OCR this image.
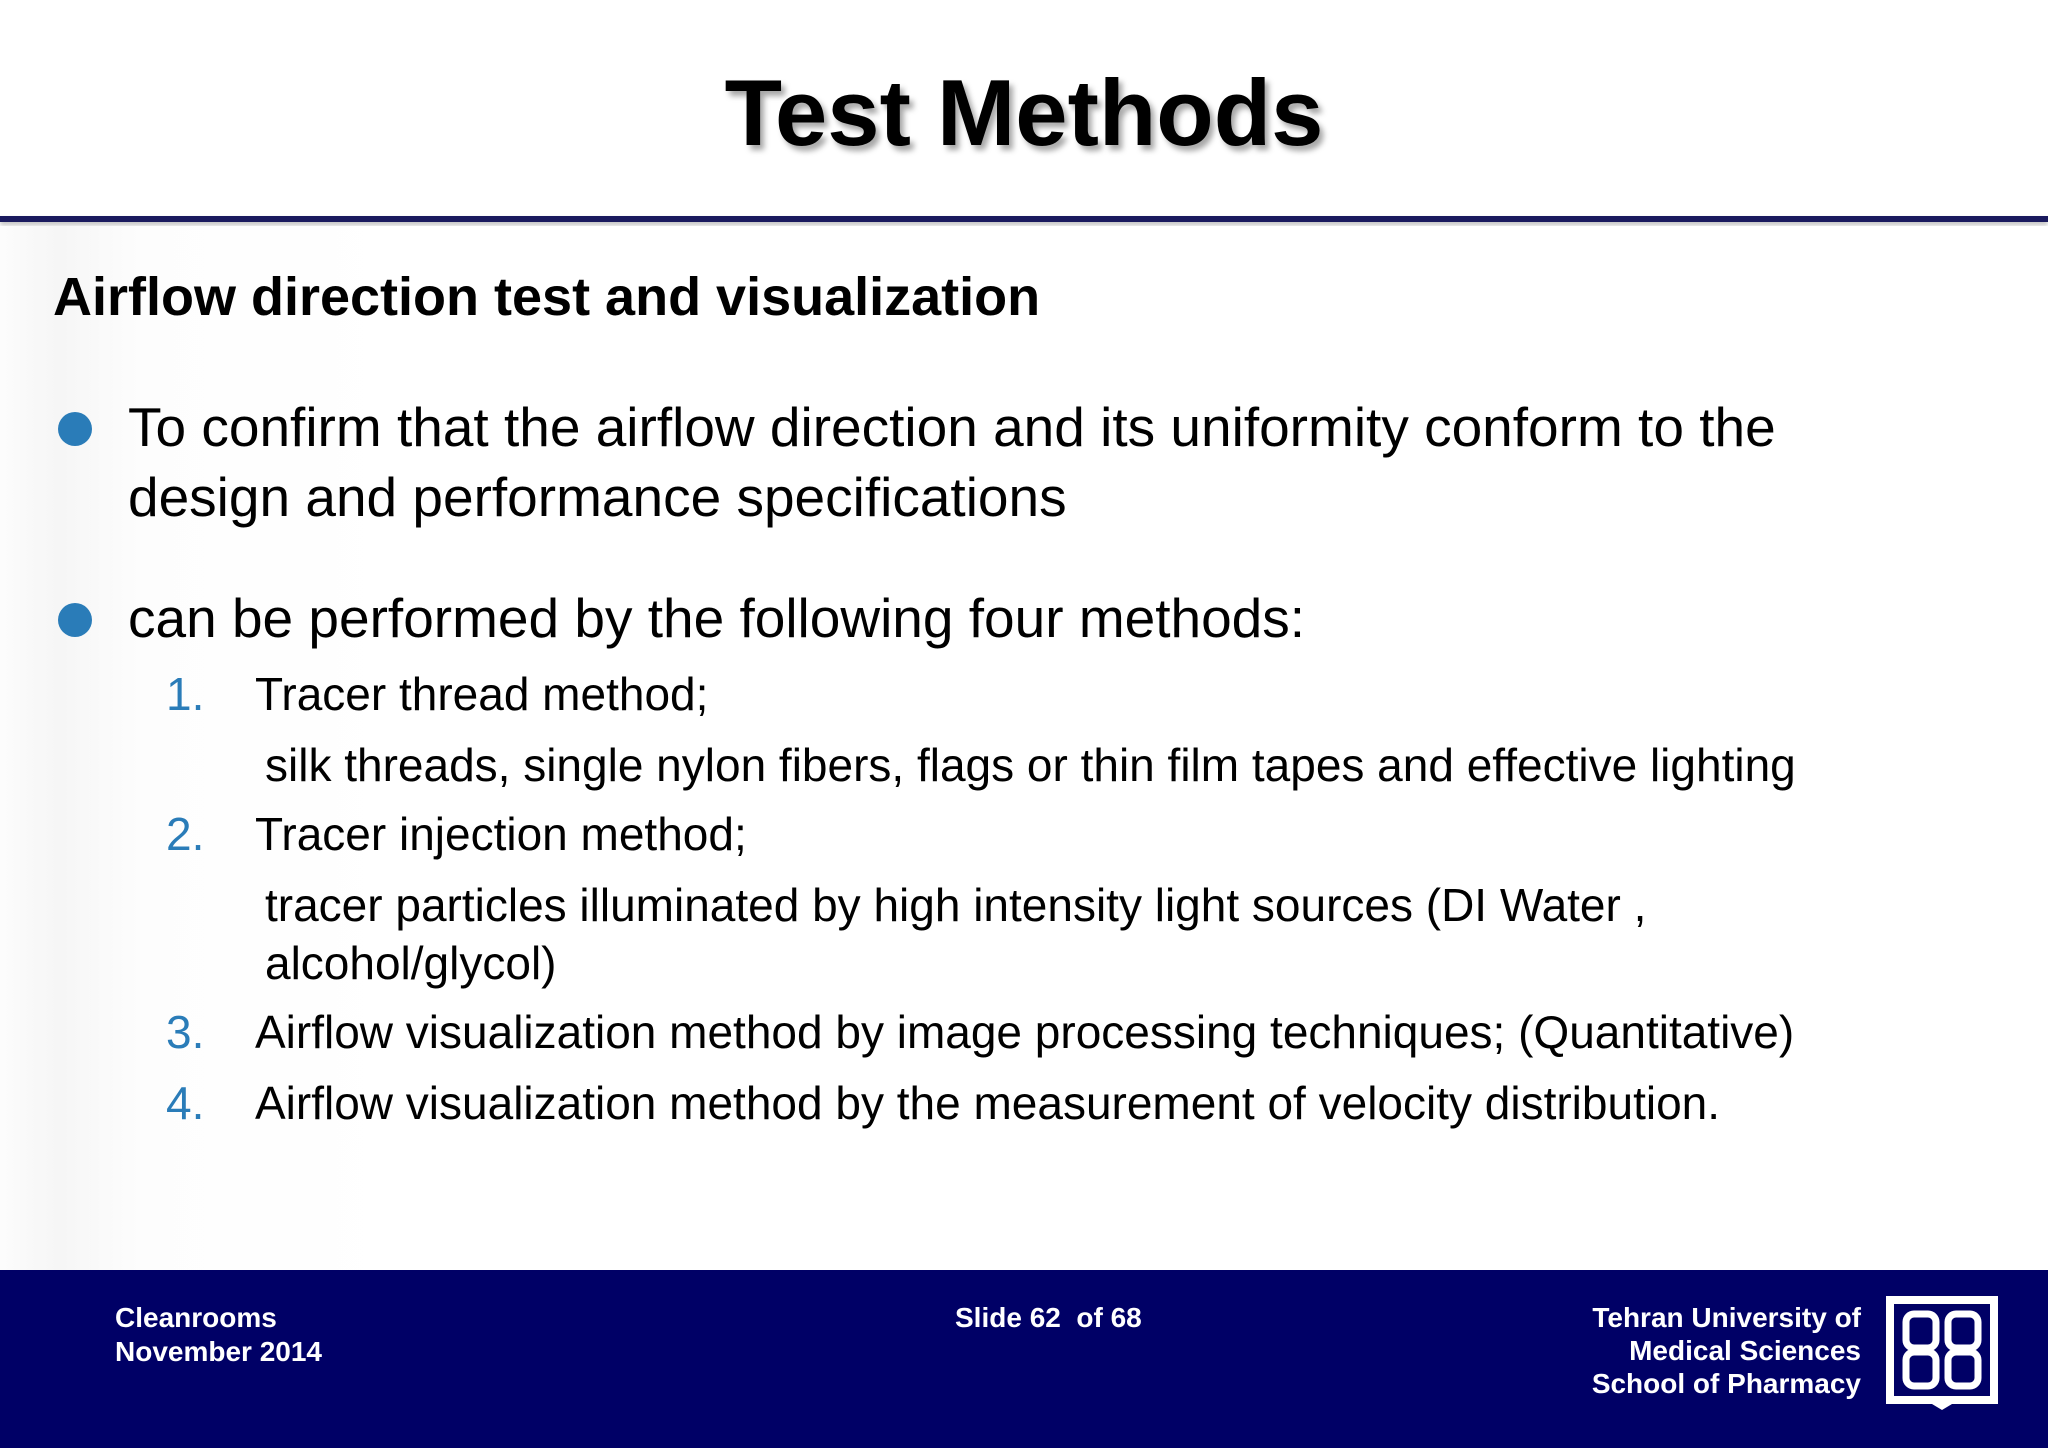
Test Methods
Airflow direction test and visualization
To confirm that the airflow direction and its uniformity conform to the design and performance specifications
can be performed by the following four methods:
1.	Tracer thread method;
silk threads, single nylon fibers, flags or thin film tapes and effective lighting
2.	Tracer injection method;
tracer particles illuminated by high intensity light sources (DI Water , alcohol/glycol)
3.	Airflow visualization method by image processing techniques; (Quantitative)
4.	Airflow visualization method by the measurement of velocity distribution.
Cleanrooms
November 2014
Slide 62  of 68	Tehran University of
Medical Sciences
School of Pharmacy
